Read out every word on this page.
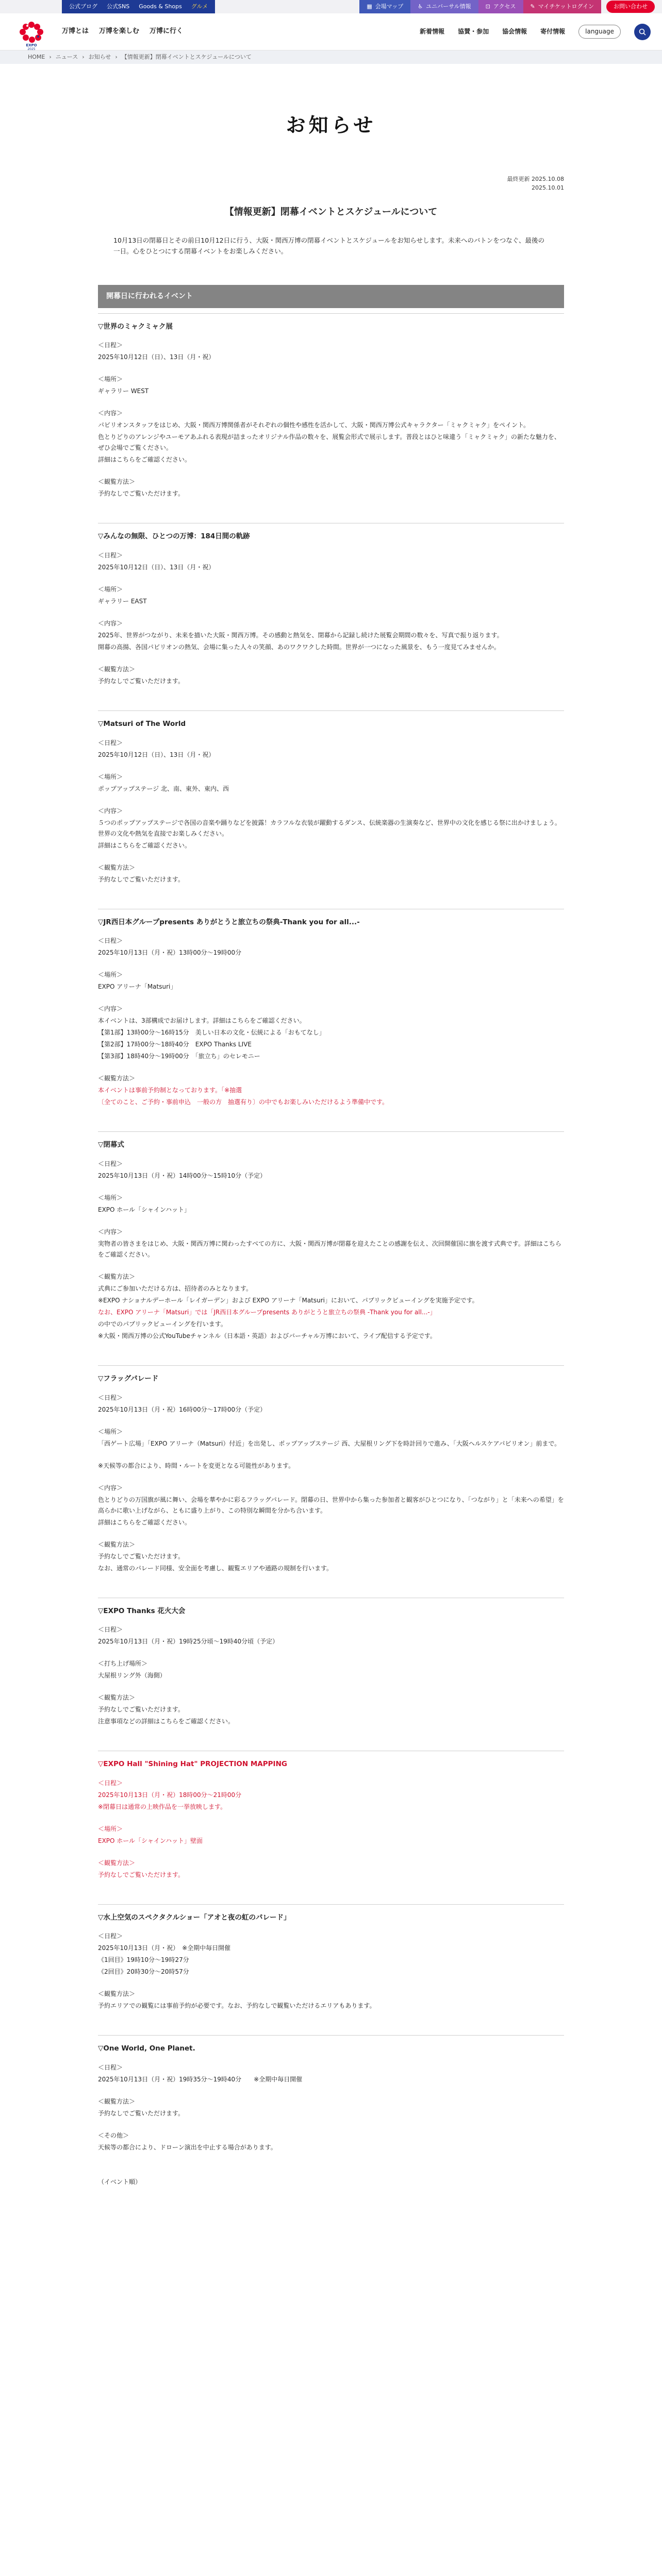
公式ブログ 公式SNS Goods & Shops グルメ	▦ 会場マップ	♿ ユニバーサル情報	⊡ アクセス	✎ マイチケットログイン	お問い合わせ
EXPO
2025
万博とは 万博を楽しむ 万博に行く	新着情報 協賛・参加 協会情報 寄付情報	language
HOME › ニュース › お知らせ › 【情報更新】閉幕イベントとスケジュールについて
お知らせ
最終更新 2025.10.08
2025.10.01
【情報更新】閉幕イベントとスケジュールについて

10月13日の閉幕日とその前日10月12日に行う、大阪・関西万博の閉幕イベントとスケジュールをお知らせします。未来へのバトンをつなぐ、最後の一日。心をひとつにする閉幕イベントをお楽しみください。

開幕日に行われるイベント
▽世界のミャクミャク展

＜日程＞

2025年10月12日（日）、13日（月・祝）

＜場所＞

ギャラリー WEST

＜内容＞

パビリオンスタッフをはじめ、大阪・関西万博関係者がそれぞれの個性や感性を活かして、大阪・関西万博公式キャラクター「ミャクミャク」をペイント。

色とりどりのアレンジやユーモアあふれる表現が詰まったオリジナル作品の数々を、展覧会形式で展示します。普段とはひと味違う「ミャクミャク」の新たな魅力を、ぜひ会場でご覧ください。

詳細はこちらをご確認ください。

＜観覧方法＞

予約なしでご覧いただけます。

▽みんなの無限、ひとつの万博：184日間の軌跡

＜日程＞

2025年10月12日（日）、13日（月・祝）

＜場所＞

ギャラリー EAST

＜内容＞

2025年、世界がつながり、未来を描いた大阪・関西万博。その感動と熱気を、閉幕から記録し続けた展覧会期間の数々を、写真で振り返ります。

開幕の高揚、各国パビリオンの熱気、会場に集った人々の笑顔、あのワクワクした時間。世界が一つになった風景を、もう一度見てみませんか。

＜観覧方法＞

予約なしでご覧いただけます。

▽Matsuri of The World

＜日程＞

2025年10月12日（日）、13日（月・祝）

＜場所＞

ポップアップステージ 北、南、東外、東内、西

＜内容＞

５つのポップアップステージで各国の音楽や踊りなどを披露！カラフルな衣装が躍動するダンス、伝統楽器の生演奏など、世界中の文化を感じる祭に出かけましょう。世界の文化や熱気を直接でお楽しみください。

詳細はこちらをご確認ください。

＜観覧方法＞

予約なしでご覧いただけます。

▽JR西日本グループpresents ありがとうと旅立ちの祭典-Thank you for all...-

＜日程＞

2025年10月13日（月・祝）13時00分～19時00分

＜場所＞

EXPO アリーナ「Matsuri」

＜内容＞

本イベントは、3部構成でお届けします。詳細はこちらをご確認ください。

【第1部】13時00分～16時15分　美しい日本の文化・伝統による「おもてなし」

【第2部】17時00分～18時40分　EXPO Thanks LIVE

【第3部】18時40分～19時00分　「旅立ち」のセレモニー

＜観覧方法＞

本イベントは事前予約制となっております。「※抽選

〔全てのこと、ご予約・事前申込　一般の方　抽選有り〕の中でもお楽しみいただけるよう準備中です。

▽閉幕式

＜日程＞

2025年10月13日（月・祝）14時00分～15時10分（予定）

＜場所＞

EXPO ホール「シャインハット」

＜内容＞

実物者の皆さまをはじめ、大阪・関西万博に関わったすべての方に、大阪・関西万博が閉幕を迎えたことの感謝を伝え、次回開催国に旗を渡す式典です。詳細はこちらをご確認ください。

＜観覧方法＞

式典にご参加いただける方は、招待者のみとなります。

※EXPO ナショナルデーホール「レイガーデン」および EXPO アリーナ「Matsuri」において、パブリックビューイングを実施予定です。

なお、EXPO アリーナ「Matsuri」では「JR西日本グループpresents ありがとうと旅立ちの祭典 -Thank you for all...-」

の中でのパブリックビューイングを行います。

※大阪・関西万博の公式YouTubeチャンネル（日本語・英語）およびバーチャル万博において、ライブ配信する予定です。

▽フラッグパレード

＜日程＞

2025年10月13日（月・祝）16時00分～17時00分（予定）

＜場所＞

「西ゲート広場」「EXPO アリーナ（Matsuri）付近」を出発し、ポップアップステージ 西、大屋根リング下を時計回りで進み、「大阪ヘルスケアパビリオン」前まで。

※天候等の都合により、時間・ルートを変更となる可能性があります。

＜内容＞

色とりどりの万国旗が風に舞い、会場を華やかに彩るフラッグパレード。閉幕の日、世界中から集った参加者と観客がひとつになり、「つながり」と「未来への希望」を高らかに歌い上げながら、ともに盛り上がり、この特別な瞬間を分かち合います。

詳細はこちらをご確認ください。

＜観覧方法＞

予約なしでご覧いただけます。

なお、通常のパレード同様、安全面を考慮し、観覧エリアや通路の規制を行います。

▽EXPO Thanks 花火大会

＜日程＞

2025年10月13日（月・祝）19時25分頃～19時40分頃（予定）

＜打ち上げ場所＞

大屋根リング外（海側）

＜観覧方法＞

予約なしでご覧いただけます。

注意事項などの詳細はこちらをご確認ください。

▽EXPO Hall "Shining Hat" PROJECTION MAPPING

＜日程＞

2025年10月13日（月・祝）18時00分～21時00分

※閉幕日は通常の上映作品を一挙放映します。

＜場所＞

EXPO ホール「シャインハット」壁面

＜観覧方法＞

予約なしでご覧いただけます。

▽水上空気のスペクタクルショー「アオと夜の虹のパレード」

＜日程＞

2025年10月13日（月・祝）　※全期中毎日開催

《1回目》19時10分～19時27分

《2回目》20時30分～20時57分

＜観覧方法＞

予約エリアでの観覧には事前予約が必要です。なお、予約なしで観覧いただけるエリアもあります。

▽One World, One Planet.

＜日程＞

2025年10月13日（月・祝）19時35分～19時40分　　※全期中毎日開催

＜観覧方法＞

予約なしでご覧いただけます。

＜その他＞

天候等の都合により、ドローン演出を中止する場合があります。

（イベント順）
